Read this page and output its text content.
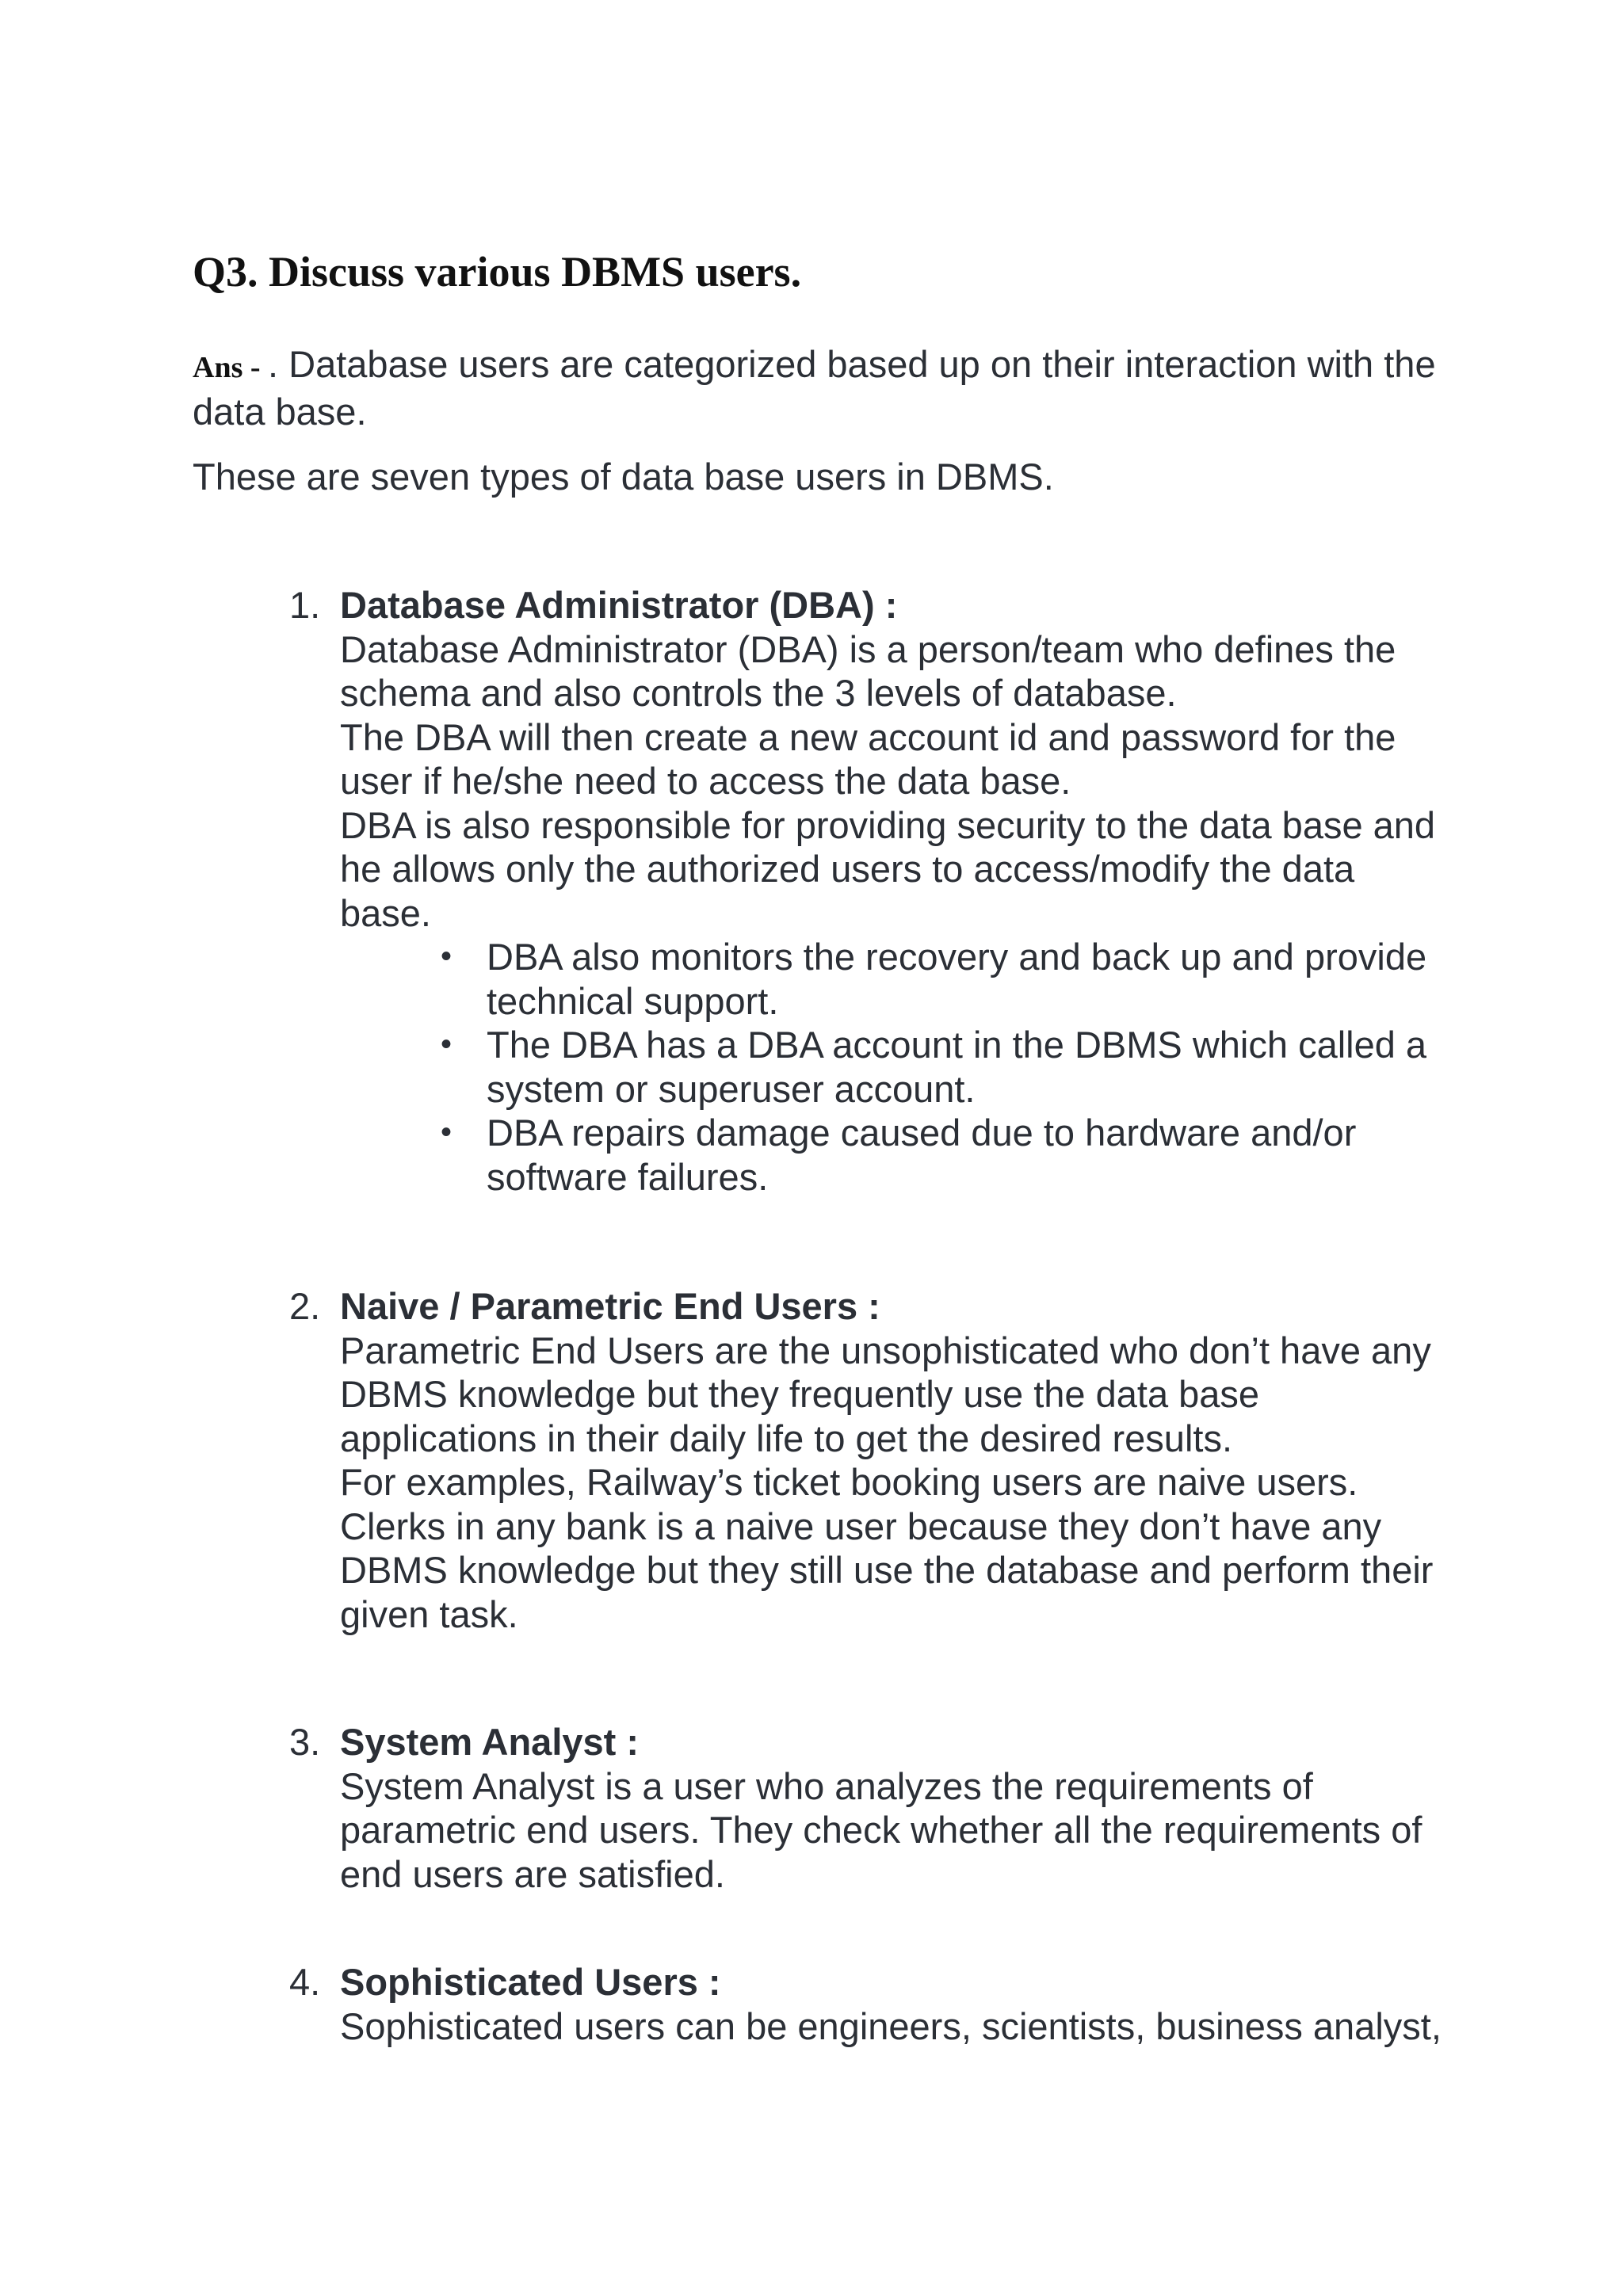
Q3. Discuss various DBMS users.

Ans - . Database users are categorized based up on their interaction with the data base.

These are seven types of data base users in DBMS.

1. Database Administrator (DBA) :
Database Administrator (DBA) is a person/team who defines the
schema and also controls the 3 levels of database.
The DBA will then create a new account id and password for the
user if he/she need to access the data base.
DBA is also responsible for providing security to the data base and
he allows only the authorized users to access/modify the data
base.
• DBA also monitors the recovery and back up and provide
technical support.
• The DBA has a DBA account in the DBMS which called a
system or superuser account.
• DBA repairs damage caused due to hardware and/or
software failures.
2. Naive / Parametric End Users :
Parametric End Users are the unsophisticated who don’t have any
DBMS knowledge but they frequently use the data base
applications in their daily life to get the desired results.
For examples, Railway’s ticket booking users are naive users.
Clerks in any bank is a naive user because they don’t have any
DBMS knowledge but they still use the database and perform their
given task.
3. System Analyst :
System Analyst is a user who analyzes the requirements of
parametric end users. They check whether all the requirements of
end users are satisfied.
4. Sophisticated Users :
Sophisticated users can be engineers, scientists, business analyst,
